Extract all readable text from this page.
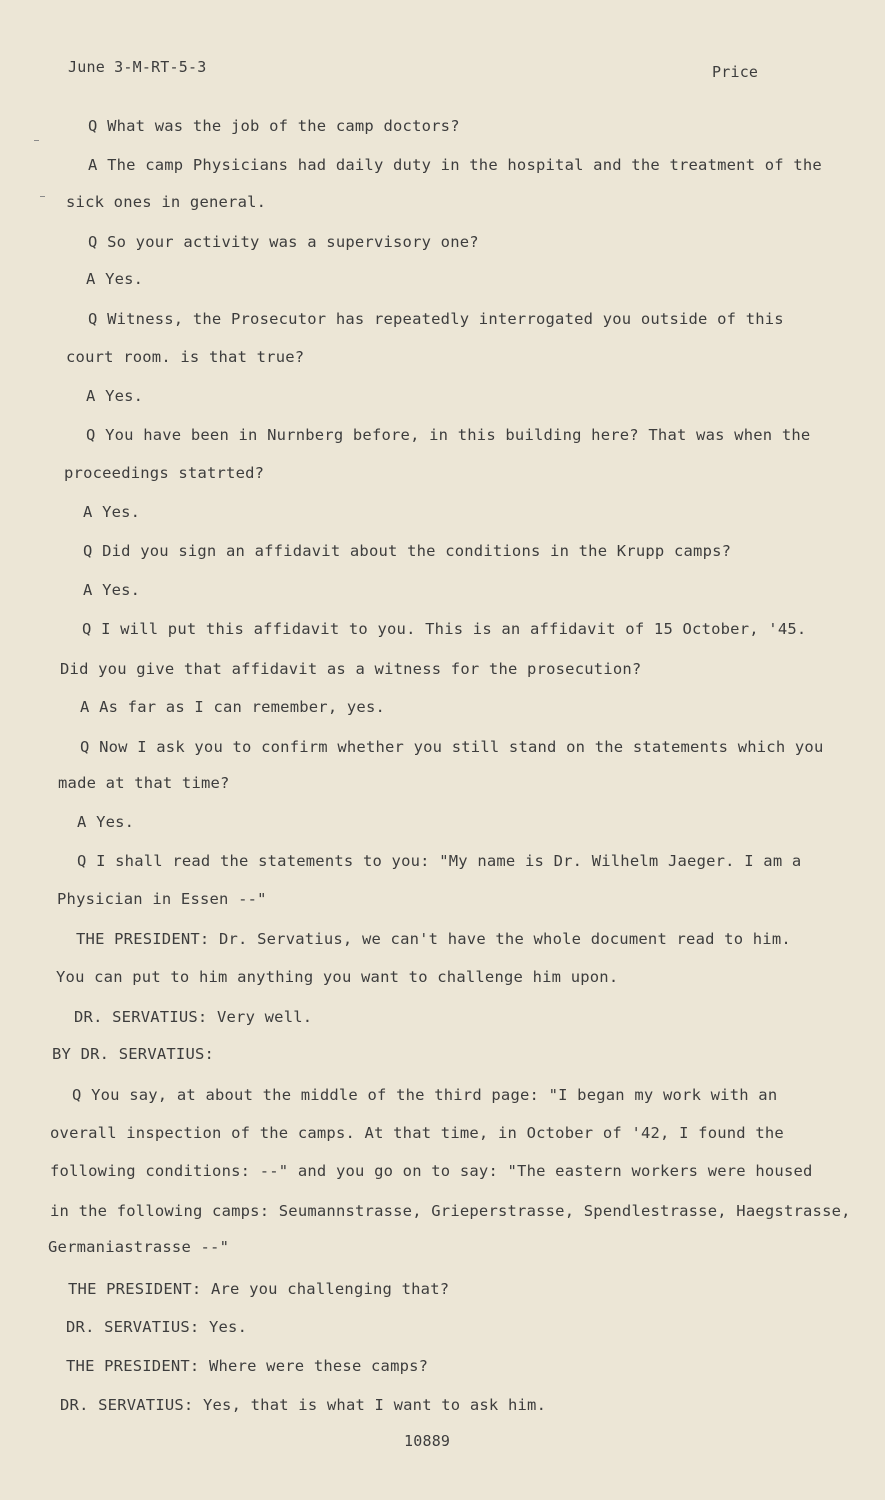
June 3-M-RT-5-3	Price
Q What was the job of the camp doctors?
A The camp Physicians had daily duty in the hospital and the treatment of the
sick ones in general.
Q So your activity was a supervisory one?
A Yes.
Q Witness, the Prosecutor has repeatedly interrogated you outside of this
court room. is that true?
A Yes.
Q You have been in Nurnberg before, in this building here? That was when the
proceedings statrted?
A Yes.
Q Did you sign an affidavit about the conditions in the Krupp camps?
A Yes.
Q I will put this affidavit to you. This is an affidavit of 15 October, '45.
Did you give that affidavit as a witness for the prosecution?
A As far as I can remember, yes.
Q Now I ask you to confirm whether you still stand on the statements which you
made at that time?
A Yes.
Q I shall read the statements to you: "My name is Dr. Wilhelm Jaeger. I am a
Physician in Essen --"
THE PRESIDENT: Dr. Servatius, we can't have the whole document read to him.
You can put to him anything you want to challenge him upon.
DR. SERVATIUS: Very well.
BY DR. SERVATIUS:
Q You say, at about the middle of the third page: "I began my work with an
overall inspection of the camps. At that time, in October of '42, I found the
following conditions: --" and you go on to say: "The eastern workers were housed
in the following camps: Seumannstrasse, Grieperstrasse, Spendlestrasse, Haegstrasse,
Germaniastrasse --"
THE PRESIDENT: Are you challenging that?
DR. SERVATIUS: Yes.
THE PRESIDENT: Where were these camps?
DR. SERVATIUS: Yes, that is what I want to ask him.
10889
